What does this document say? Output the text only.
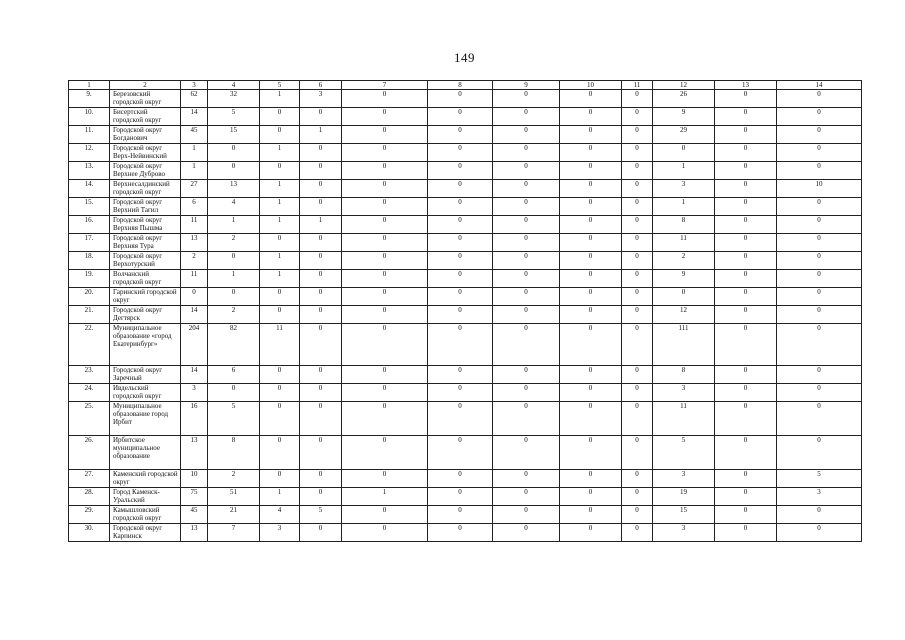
149
1	2	3	4	5	6	7	8	9	10	11	12	13	14
9.	Березовский городской округ	62	32	1	3	0	0	0	0	0	26	0	0
10.	Бисертский городской округ	14	5	0	0	0	0	0	0	0	9	0	0
11.	Городской округ Богданович	45	15	0	1	0	0	0	0	0	29	0	0
12.	Городской округ Верх-Нейвинский	1	0	1	0	0	0	0	0	0	0	0	0
13.	Городской округ Верхнее Дуброво	1	0	0	0	0	0	0	0	0	1	0	0
14.	Верхнесалдинский городской округ	27	13	1	0	0	0	0	0	0	3	0	10
15.	Городской округ Верхний Тагил	6	4	1	0	0	0	0	0	0	1	0	0
16.	Городской округ Верхняя Пышма	11	1	1	1	0	0	0	0	0	8	0	0
17.	Городской округ Верхняя Тура	13	2	0	0	0	0	0	0	0	11	0	0
18.	Городской округ Верхотурский	2	0	1	0	0	0	0	0	0	2	0	0
19.	Волчанский городской округ	11	1	1	0	0	0	0	0	0	9	0	0
20.	Гаринский городской округ	0	0	0	0	0	0	0	0	0	0	0	0
21.	Городской округ Дегтярск	14	2	0	0	0	0	0	0	0	12	0	0
22.	Муниципальное образование «город Екатеринбург»	204	82	11	0	0	0	0	0	0	111	0	0
23.	Городской округ Заречный	14	6	0	0	0	0	0	0	0	8	0	0
24.	Ивдельский городской округ	3	0	0	0	0	0	0	0	0	3	0	0
25.	Муниципальное образование город Ирбит	16	5	0	0	0	0	0	0	0	11	0	0
26.	Ирбитское муниципальное образование	13	8	0	0	0	0	0	0	0	5	0	0
27.	Каменский городской округ	10	2	0	0	0	0	0	0	0	3	0	5
28.	Город Каменск-Уральский	75	51	1	0	1	0	0	0	0	19	0	3
29.	Камышловский городской округ	45	21	4	5	0	0	0	0	0	15	0	0
30.	Городской округ Карпинск	13	7	3	0	0	0	0	0	0	3	0	0
